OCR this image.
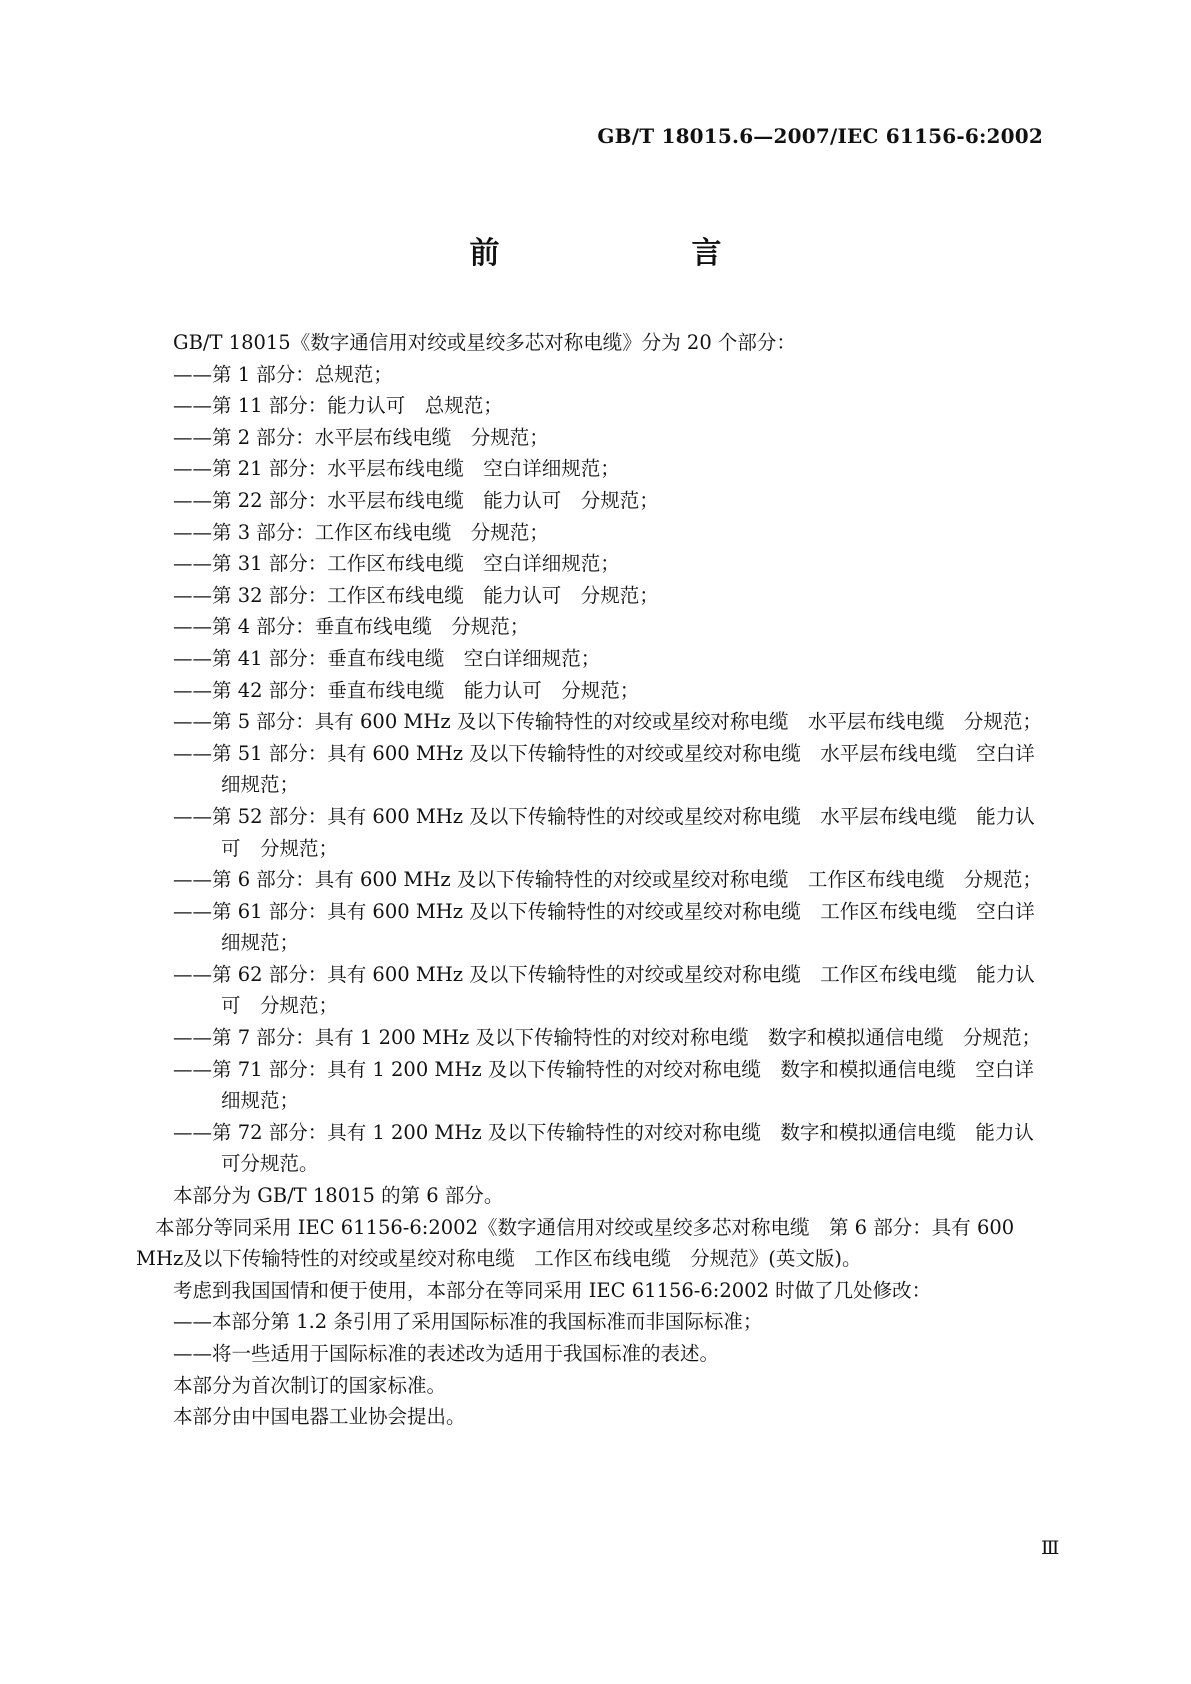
GB/T 18015.6—2007/IEC 61156-6:2002
前　　言

GB/T 18015《数字通信用对绞或星绞多芯对称电缆》分为 20 个部分：

——第 1 部分：总规范；

——第 11 部分：能力认可　总规范；

——第 2 部分：水平层布线电缆　分规范；

——第 21 部分：水平层布线电缆　空白详细规范；

——第 22 部分：水平层布线电缆　能力认可　分规范；

——第 3 部分：工作区布线电缆　分规范；

——第 31 部分：工作区布线电缆　空白详细规范；

——第 32 部分：工作区布线电缆　能力认可　分规范；

——第 4 部分：垂直布线电缆　分规范；

——第 41 部分：垂直布线电缆　空白详细规范；

——第 42 部分：垂直布线电缆　能力认可　分规范；

——第 5 部分：具有 600 MHz 及以下传输特性的对绞或星绞对称电缆　水平层布线电缆　分规范；

——第 51 部分：具有 600 MHz 及以下传输特性的对绞或星绞对称电缆　水平层布线电缆　空白详细规范；

——第 52 部分：具有 600 MHz 及以下传输特性的对绞或星绞对称电缆　水平层布线电缆　能力认可　分规范；

——第 6 部分：具有 600 MHz 及以下传输特性的对绞或星绞对称电缆　工作区布线电缆　分规范；

——第 61 部分：具有 600 MHz 及以下传输特性的对绞或星绞对称电缆　工作区布线电缆　空白详细规范；

——第 62 部分：具有 600 MHz 及以下传输特性的对绞或星绞对称电缆　工作区布线电缆　能力认可　分规范；

——第 7 部分：具有 1 200 MHz 及以下传输特性的对绞对称电缆　数字和模拟通信电缆　分规范；

——第 71 部分：具有 1 200 MHz 及以下传输特性的对绞对称电缆　数字和模拟通信电缆　空白详细规范；

——第 72 部分：具有 1 200 MHz 及以下传输特性的对绞对称电缆　数字和模拟通信电缆　能力认可分规范。

本部分为 GB/T 18015 的第 6 部分。

本部分等同采用 IEC 61156-6:2002《数字通信用对绞或星绞多芯对称电缆　第 6 部分：具有 600 MHz及以下传输特性的对绞或星绞对称电缆　工作区布线电缆　分规范》(英文版)。

考虑到我国国情和便于使用，本部分在等同采用 IEC 61156-6:2002 时做了几处修改：

——本部分第 1.2 条引用了采用国际标准的我国标准而非国际标准；

——将一些适用于国际标准的表述改为适用于我国标准的表述。

本部分为首次制订的国家标准。

本部分由中国电器工业协会提出。

Ⅲ
